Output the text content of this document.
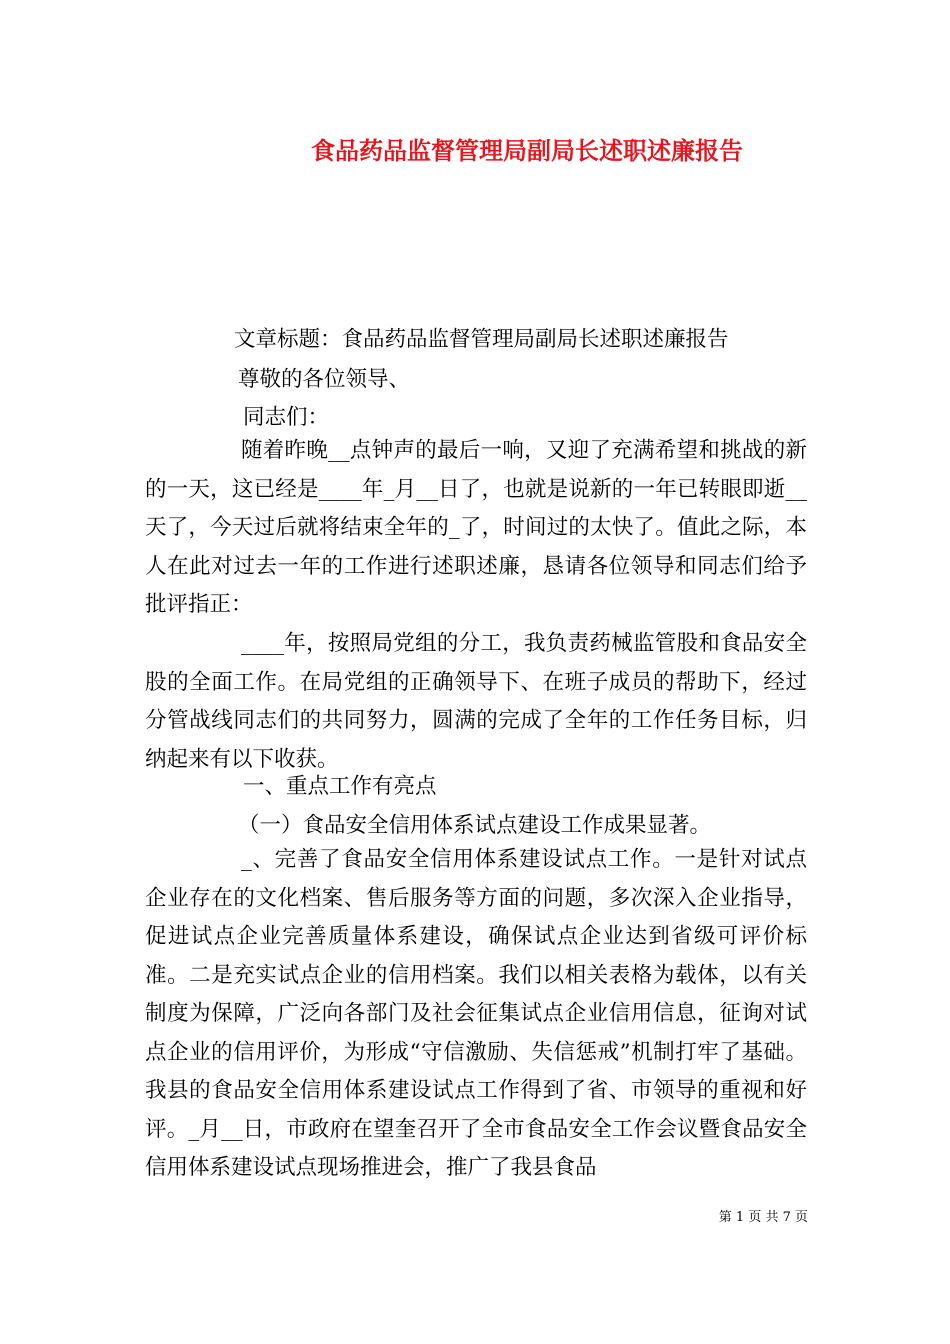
食品药品监督管理局副局长述职述廉报告
文章标题：食品药品监督管理局副局长述职述廉报告
尊敬的各位领导、
同志们：

随着昨晚__点钟声的最后一响，又迎了充满希望和挑战的新的一天，这已经是____年_月__日了，也就是说新的一年已转眼即逝__天了，今天过后就将结束全年的_了，时间过的太快了。值此之际，本人在此对过去一年的工作进行述职述廉，恳请各位领导和同志们给予批评指正：

____年，按照局党组的分工，我负责药械监管股和食品安全股的全面工作。在局党组的正确领导下、在班子成员的帮助下，经过分管战线同志们的共同努力，圆满的完成了全年的工作任务目标，归纳起来有以下收获。

一、重点工作有亮点
（一）食品安全信用体系试点建设工作成果显著。

_、完善了食品安全信用体系建设试点工作。一是针对试点企业存在的文化档案、售后服务等方面的问题，多次深入企业指导，促进试点企业完善质量体系建设，确保试点企业达到省级可评价标准。二是充实试点企业的信用档案。我们以相关表格为载体，以有关制度为保障，广泛向各部门及社会征集试点企业信用信息，征询对试点企业的信用评价，为形成“守信激励、失信惩戒”机制打牢了基础。我县的食品安全信用体系建设试点工作得到了省、市领导的重视和好评。_月__日，市政府在望奎召开了全市食品安全工作会议暨食品安全信用体系建设试点现场推进会，推广了我县食品

第 1 页 共 7 页
